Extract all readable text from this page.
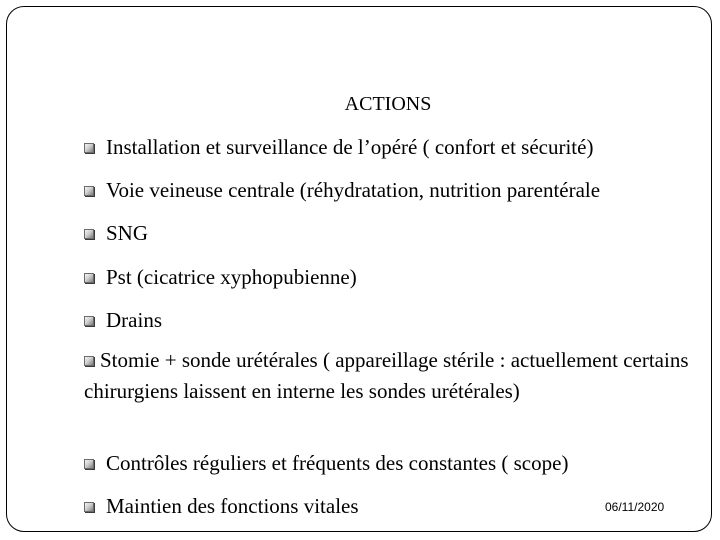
ACTIONS
Installation et surveillance de l’opéré ( confort et sécurité)
Voie veineuse centrale (réhydratation, nutrition parentérale
SNG
Pst (cicatrice xyphopubienne)
Drains
Stomie + sonde urétérales ( appareillage stérile : actuellement certains chirurgiens laissent en interne les sondes urétérales)
Contrôles réguliers et fréquents des constantes ( scope)
Maintien des fonctions vitales	06/11/2020
